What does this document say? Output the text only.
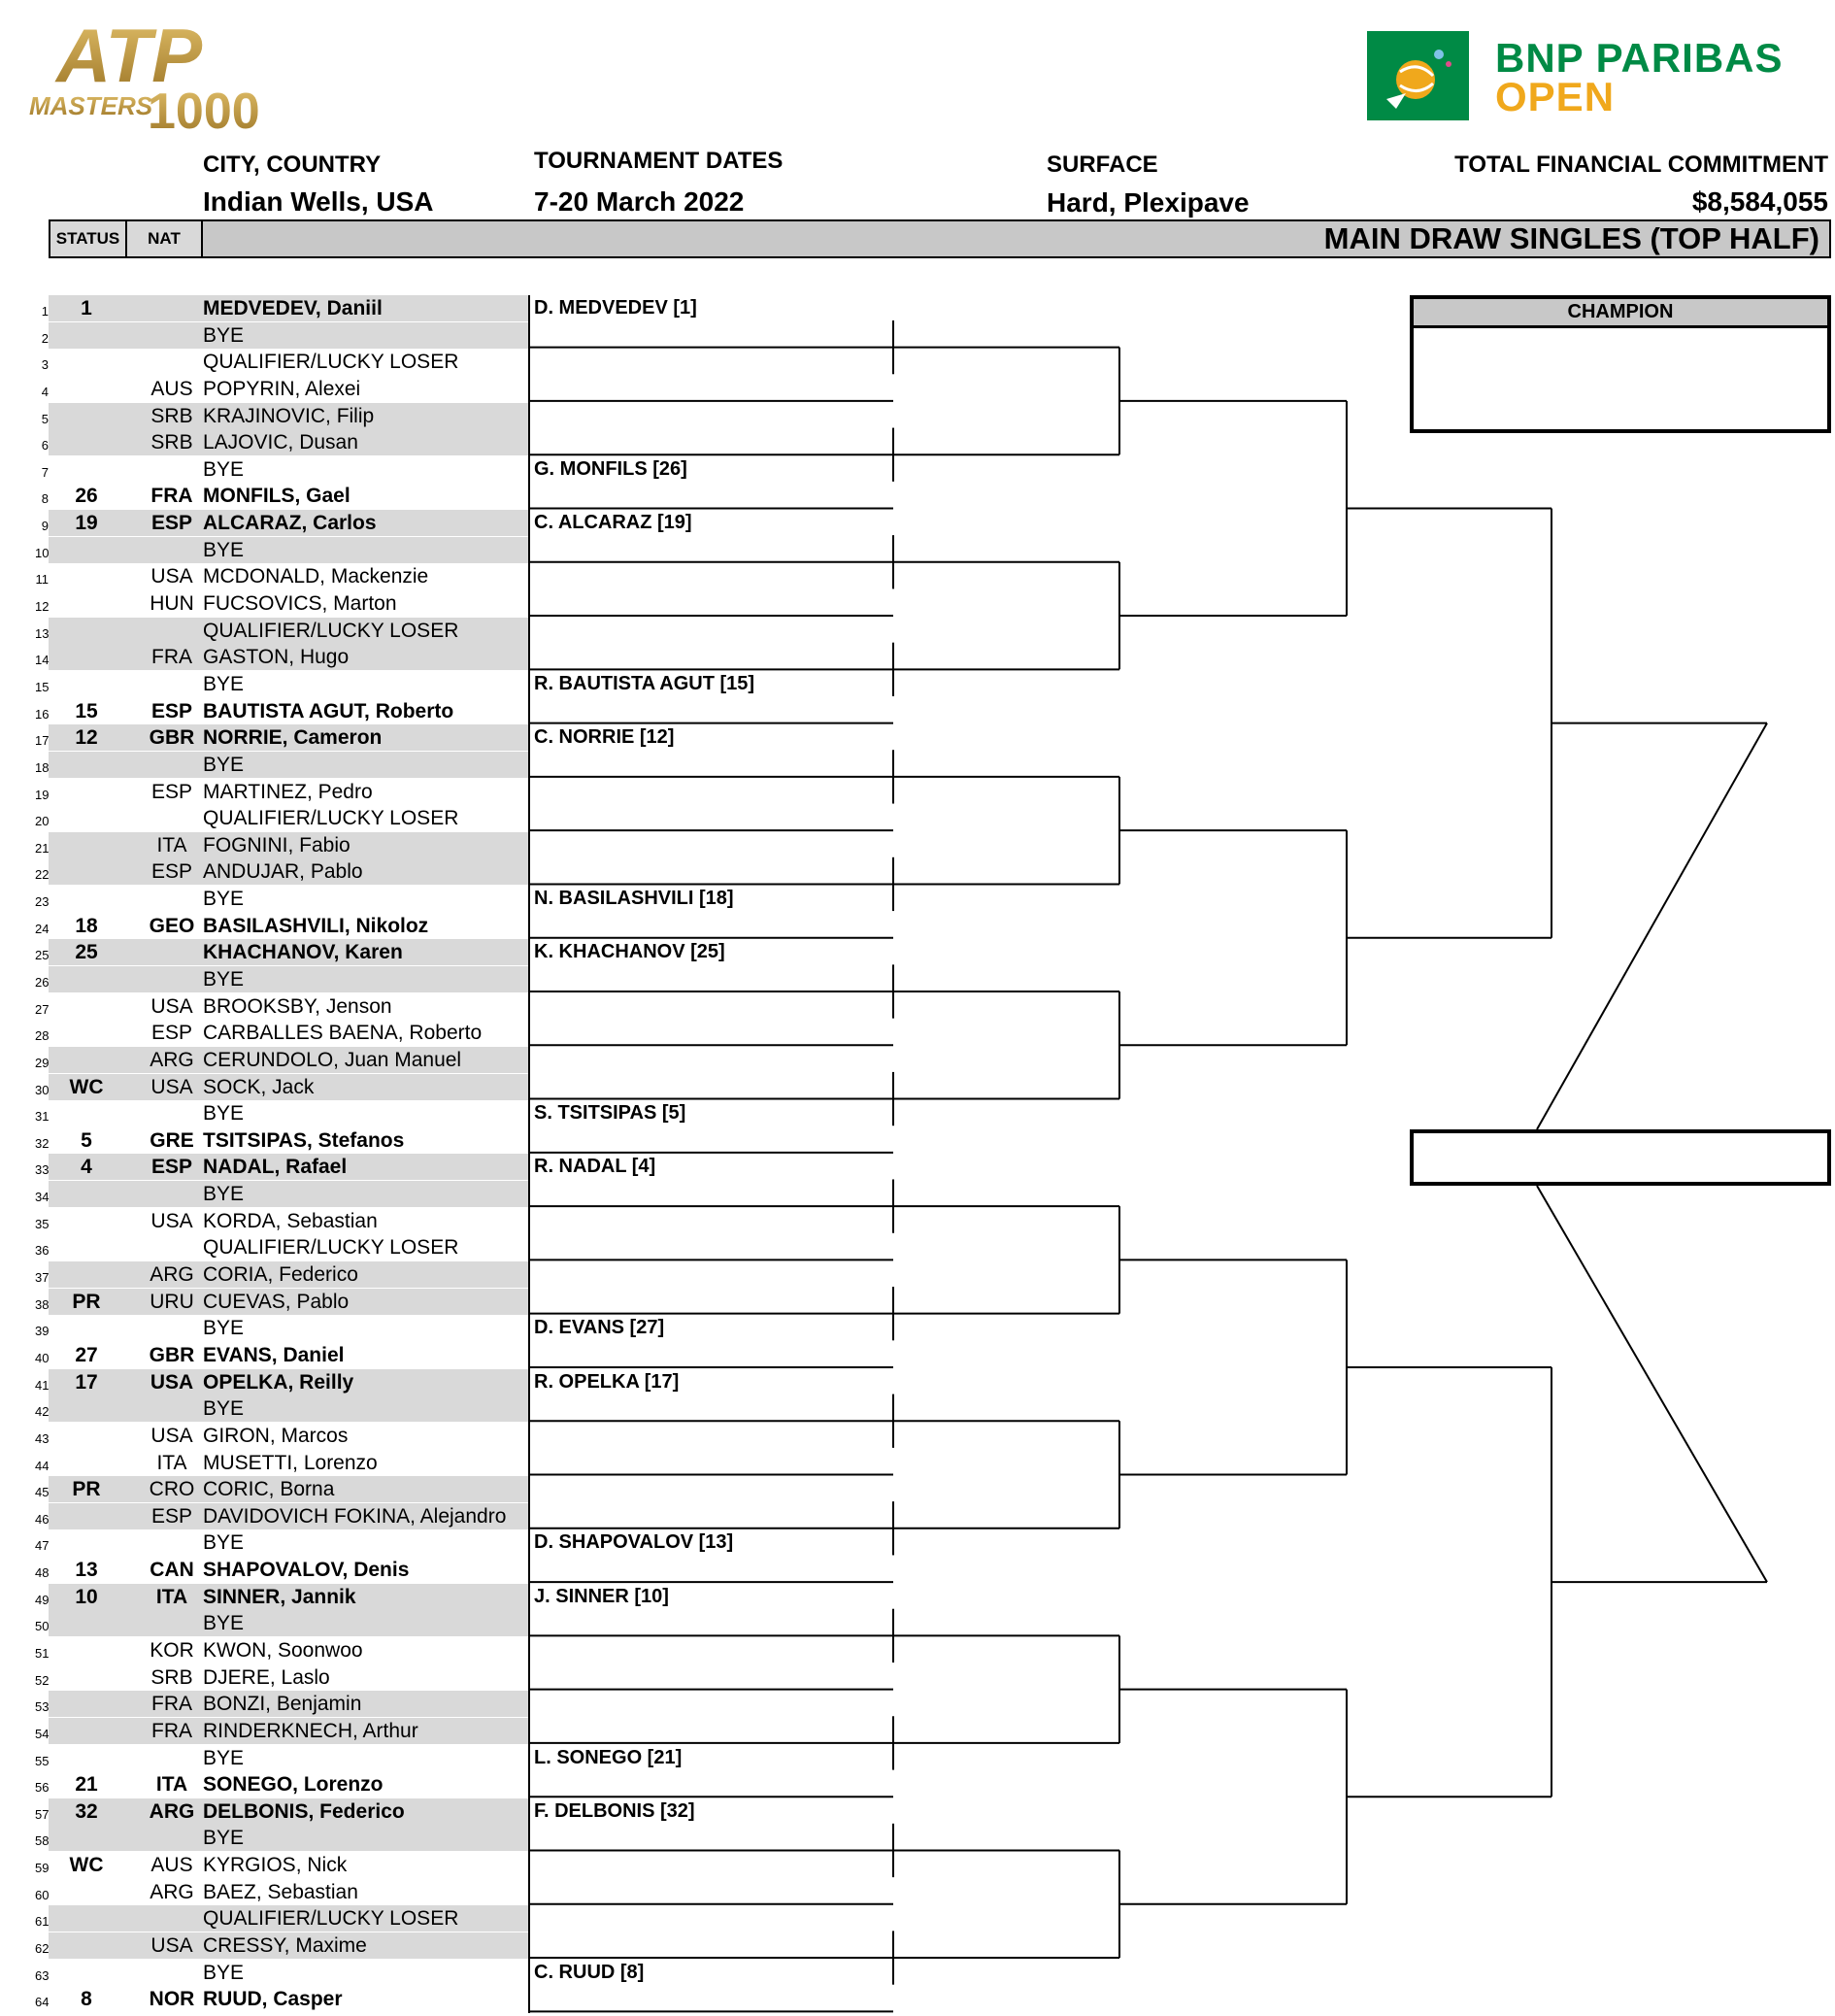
ATP
MASTERS
1000
BNP PARIBAS
OPEN
CITY, COUNTRY
Indian Wells, USA
TOURNAMENT DATES
7-20 March 2022
SURFACE
Hard, Plexipave
TOTAL FINANCIAL COMMITMENT
$8,584,055
STATUS	NAT	MAIN DRAW SINGLES (TOP HALF)
1	1	MEDVEDEV, Daniil
2	BYE
3	QUALIFIER/LUCKY LOSER
4	AUS POPYRIN, Alexei
5	SRB KRAJINOVIC, Filip
6	SRB LAJOVIC, Dusan
7	BYE
8	26	FRA MONFILS, Gael
9	19	ESP ALCARAZ, Carlos
10	BYE
11	USA MCDONALD, Mackenzie
12	HUN FUCSOVICS, Marton
13	QUALIFIER/LUCKY LOSER
14	FRA GASTON, Hugo
15	BYE
16	15	ESP BAUTISTA AGUT, Roberto
17	12	GBR NORRIE, Cameron
18	BYE
19	ESP MARTINEZ, Pedro
20	QUALIFIER/LUCKY LOSER
21	ITA FOGNINI, Fabio
22	ESP ANDUJAR, Pablo
23	BYE
24	18	GEO BASILASHVILI, Nikoloz
25	25	KHACHANOV, Karen
26	BYE
27	USA BROOKSBY, Jenson
28	ESP CARBALLES BAENA, Roberto
29	ARG CERUNDOLO, Juan Manuel
30	WC	USA SOCK, Jack
31	BYE
32	5	GRE TSITSIPAS, Stefanos
33	4	ESP NADAL, Rafael
34	BYE
35	USA KORDA, Sebastian
36	QUALIFIER/LUCKY LOSER
37	ARG CORIA, Federico
38	PR	URU CUEVAS, Pablo
39	BYE
40	27	GBR EVANS, Daniel
41	17	USA OPELKA, Reilly
42	BYE
43	USA GIRON, Marcos
44	ITA MUSETTI, Lorenzo
45	PR	CRO CORIC, Borna
46	ESP DAVIDOVICH FOKINA, Alejandro
47	BYE
48	13	CAN SHAPOVALOV, Denis
49	10	ITA SINNER, Jannik
50	BYE
51	KOR KWON, Soonwoo
52	SRB DJERE, Laslo
53	FRA BONZI, Benjamin
54	FRA RINDERKNECH, Arthur
55	BYE
56	21	ITA SONEGO, Lorenzo
57	32	ARG DELBONIS, Federico
58	BYE
59	WC	AUS KYRGIOS, Nick
60	ARG BAEZ, Sebastian
61	QUALIFIER/LUCKY LOSER
62	USA CRESSY, Maxime
63	BYE
64	8	NOR RUUD, Casper
D. MEDVEDEV [1]
G. MONFILS [26]
C. ALCARAZ [19]
R. BAUTISTA AGUT [15]
C. NORRIE [12]
N. BASILASHVILI [18]
K. KHACHANOV [25]
S. TSITSIPAS [5]
R. NADAL [4]
D. EVANS [27]
R. OPELKA [17]
D. SHAPOVALOV [13]
J. SINNER [10]
L. SONEGO [21]
F. DELBONIS [32]
C. RUUD [8]
CHAMPION
